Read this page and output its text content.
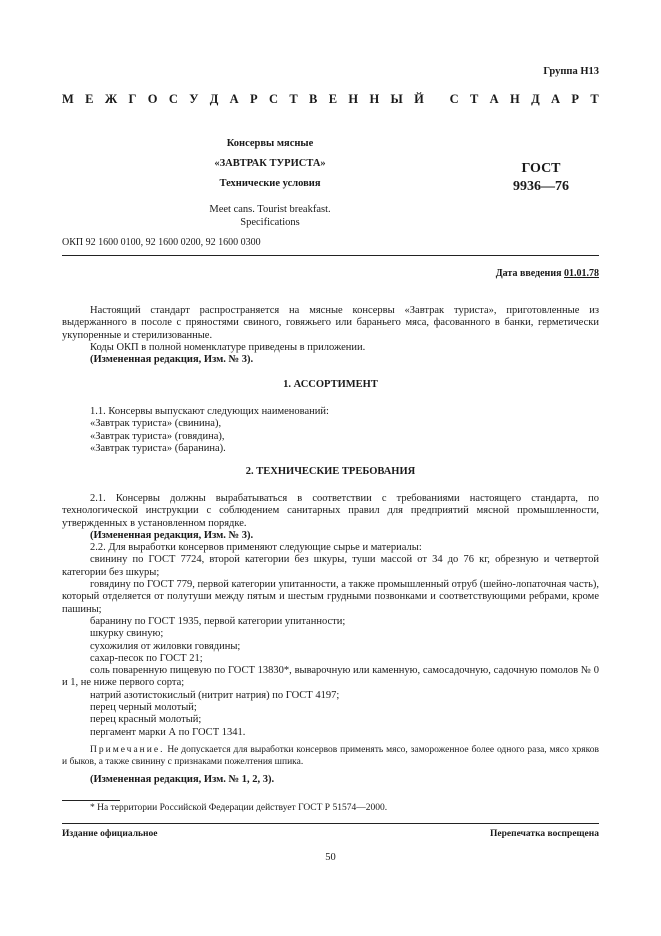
Группа Н13
М Е Ж Г О С У Д А Р С Т В Е Н Н Ы Й
С Т А Н Д А Р Т
Консервы мясные
«ЗАВТРАК ТУРИСТА»
Технические условия
Meet cans. Tourist breakfast.
Specifications
ГОСТ
9936—76
ОКП 92 1600 0100, 92 1600 0200, 92 1600 0300
Дата введения 01.01.78

Настоящий стандарт распространяется на мясные консервы «Завтрак туриста», приготовленные из выдержанного в посоле с пряностями свиного, говяжьего или бараньего мяса, фасованного в банки, герметически укупоренные и стерилизованные.

Коды ОКП в полной номенклатуре приведены в приложении.

(Измененная редакция, Изм. № 3).

1. АССОРТИМЕНТ

1.1. Консервы выпускают следующих наименований:

«Завтрак туриста» (свинина),

«Завтрак туриста» (говядина),

«Завтрак туриста» (баранина).

2. ТЕХНИЧЕСКИЕ ТРЕБОВАНИЯ

2.1. Консервы должны вырабатываться в соответствии с требованиями настоящего стандарта, по технологической инструкции с соблюдением санитарных правил для предприятий мясной промышленности, утвержденных в установленном порядке.

(Измененная редакция, Изм. № 3).

2.2. Для выработки консервов применяют следующие сырье и материалы:

свинину по ГОСТ 7724, второй категории без шкуры, туши массой от 34 до 76 кг, обрезную и четвертой категории без шкуры;

говядину по ГОСТ 779, первой категории упитанности, а также промышленный отруб (шейно-лопаточная часть), который отделяется от полутуши между пятым и шестым грудными позвонками и соответствующими ребрами, кроме пашины;

баранину по ГОСТ 1935, первой категории упитанности;

шкурку свиную;

сухожилия от жиловки говядины;

сахар-песок по ГОСТ 21;

соль поваренную пищевую по ГОСТ 13830*, выварочную или каменную, самосадочную, садочную помолов № 0 и 1, не ниже первого сорта;

натрий азотистокислый (нитрит натрия) по ГОСТ 4197;

перец черный молотый;

перец красный молотый;

пергамент марки А по ГОСТ 1341.

Примечание. Не допускается для выработки консервов применять мясо, замороженное более одного раза, мясо хряков и быков, а также свинину с признаками пожелтения шпика.

(Измененная редакция, Изм. № 1, 2, 3).

* На территории Российской Федерации действует ГОСТ Р 51574—2000.
Издание официальное	Перепечатка воспрещена
50
